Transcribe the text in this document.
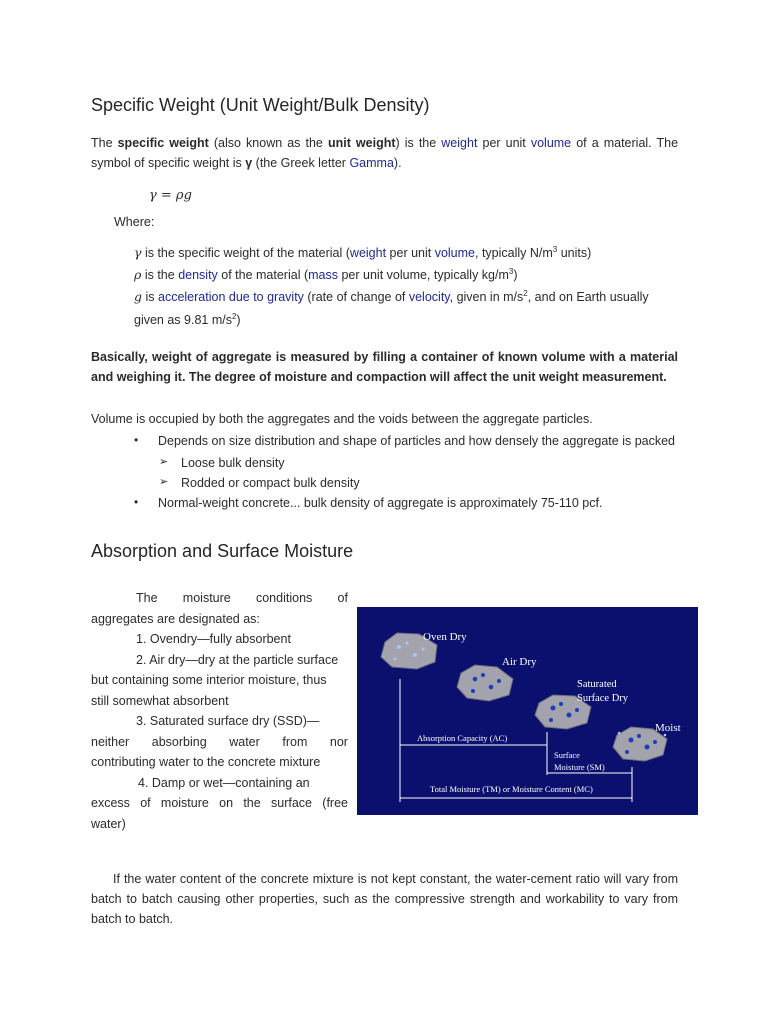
Specific Weight (Unit Weight/Bulk Density)
The specific weight (also known as the unit weight) is the weight per unit volume of a material. The symbol of specific weight is γ (the Greek letter Gamma).
γ = ρg
Where:
γ is the specific weight of the material (weight per unit volume, typically $N/m^3$ units)
ρ is the density of the material (mass per unit volume, typically $kg/m^3$)
g is acceleration due to gravity (rate of change of velocity, given in $m/s^2$, and on Earth usually
given as 9.81 $m/s^2$)
Basically, weight of aggregate is measured by filling a container of known volume with a material and weighing it. The degree of moisture and compaction will affect the unit weight measurement.
Volume is occupied by both the aggregates and the voids between the aggregate particles.
• Depends on size distribution and shape of particles and how densely the aggregate is packed
➢ Loose bulk density
➢ Rodded or compact bulk density
• Normal-weight concrete... bulk density of aggregate is approximately 75-110 pcf.
Absorption and Surface Moisture
The moisture conditions of
aggregates are designated as:
1. Ovendry—fully absorbent
2. Air dry—dry at the particle surface
but containing some interior moisture, thus
still somewhat absorbent
3. Saturated surface dry (SSD)—
neither absorbing water from nor
contributing water to the concrete mixture
4. Damp or wet—containing an
excess of moisture on the surface (free
water)
Oven Dry
Air Dry
Saturated
Surface Dry
Moist
Absorption Capacity (AC)
Surface
Moisture (SM)
Total Moisture (TM) or Moisture Content (MC)
If the water content of the concrete mixture is not kept constant, the water-cement ratio will vary from batch to batch causing other properties, such as the compressive strength and workability to vary from batch to batch.
